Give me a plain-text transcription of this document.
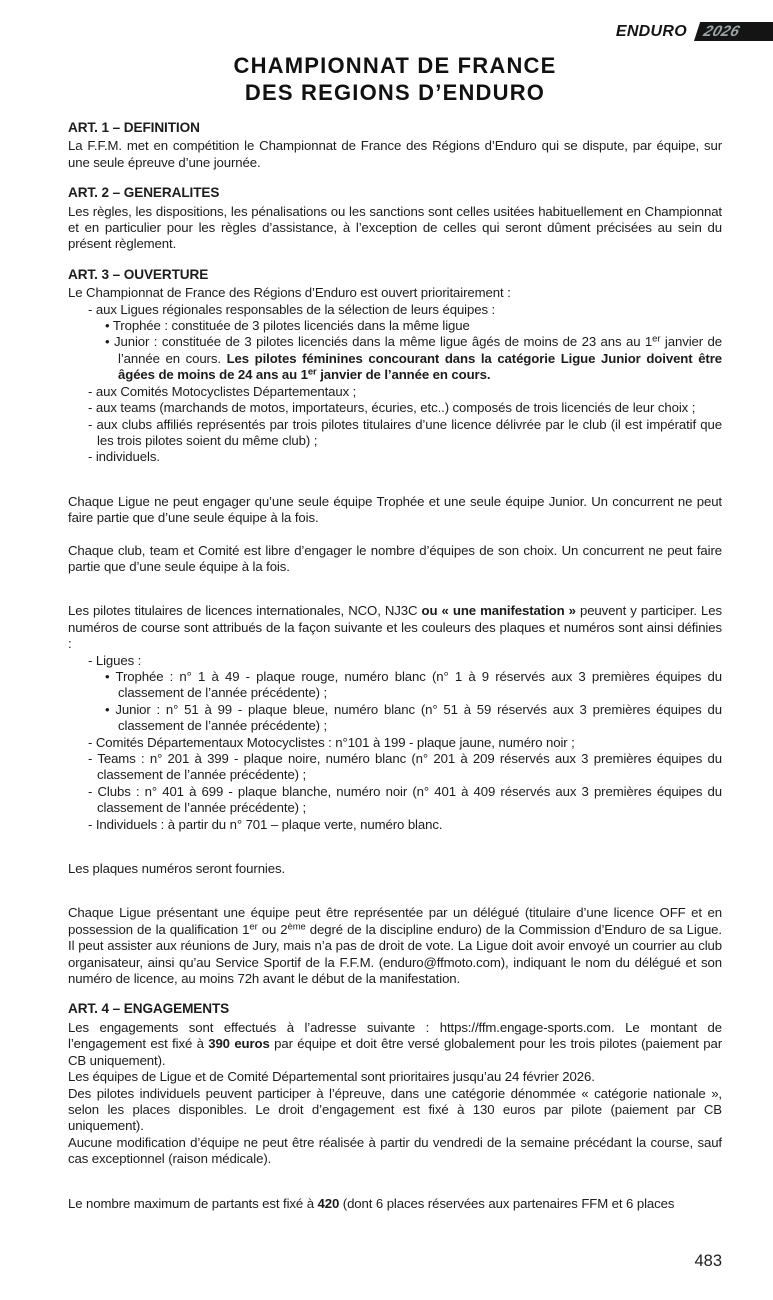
ENDURO 2026
CHAMPIONNAT DE FRANCE
DES REGIONS D’ENDURO
ART. 1 – DEFINITION
La F.F.M. met en compétition le Championnat de France des Régions d’Enduro qui se dispute, par équipe, sur une seule épreuve d’une journée.
ART. 2 – GENERALITES
Les règles, les dispositions, les pénalisations ou les sanctions sont celles usitées habituellement en Championnat et en particulier pour les règles d’assistance, à l’exception de celles qui seront dûment précisées au sein du présent règlement.
ART. 3 – OUVERTURE
Le Championnat de France des Régions d’Enduro est ouvert prioritairement :
- aux Ligues régionales responsables de la sélection de leurs équipes :
• Trophée : constituée de 3 pilotes licenciés dans la même ligue
• Junior : constituée de 3 pilotes licenciés dans la même ligue âgés de moins de 23 ans au 1er janvier de l’année en cours. Les pilotes féminines concourant dans la catégorie Ligue Junior doivent être âgées de moins de 24 ans au 1er janvier de l’année en cours.
- aux Comités Motocyclistes Départementaux ;
- aux teams (marchands de motos, importateurs, écuries, etc..) composés de trois licenciés de leur choix ;
- aux clubs affiliés représentés par trois pilotes titulaires d’une licence délivrée par le club (il est impératif que les trois pilotes soient du même club) ;
- individuels.
Chaque Ligue ne peut engager qu’une seule équipe Trophée et une seule équipe Junior. Un concurrent ne peut faire partie que d’une seule équipe à la fois.
Chaque club, team et Comité est libre d’engager le nombre d’équipes de son choix. Un concurrent ne peut faire partie que d’une seule équipe à la fois.
Les pilotes titulaires de licences internationales, NCO, NJ3C ou « une manifestation » peuvent y participer. Les numéros de course sont attribués de la façon suivante et les couleurs des plaques et numéros sont ainsi définies :
- Ligues :
• Trophée : n° 1 à 49 - plaque rouge, numéro blanc (n° 1 à 9 réservés aux 3 premières équipes du classement de l’année précédente) ;
• Junior : n° 51 à 99 - plaque bleue, numéro blanc (n° 51 à 59 réservés aux 3 premières équipes du classement de l’année précédente) ;
- Comités Départementaux Motocyclistes : n°101 à 199 - plaque jaune, numéro noir ;
- Teams : n° 201 à 399 - plaque noire, numéro blanc (n° 201 à 209 réservés aux 3 premières équipes du classement de l’année précédente) ;
- Clubs : n° 401 à 699 - plaque blanche, numéro noir (n° 401 à 409 réservés aux 3 premières équipes du classement de l’année précédente) ;
- Individuels : à partir du n° 701 – plaque verte, numéro blanc.
Les plaques numéros seront fournies.
Chaque Ligue présentant une équipe peut être représentée par un délégué (titulaire d’une licence OFF et en possession de la qualification 1er ou 2ème degré de la discipline enduro) de la Commission d’Enduro de sa Ligue. Il peut assister aux réunions de Jury, mais n’a pas de droit de vote. La Ligue doit avoir envoyé un courrier au club organisateur, ainsi qu’au Service Sportif de la F.F.M. (enduro@ffmoto.com), indiquant le nom du délégué et son numéro de licence, au moins 72h avant le début de la manifestation.
ART. 4 – ENGAGEMENTS
Les engagements sont effectués à l’adresse suivante : https://ffm.engage-sports.com. Le montant de l’engagement est fixé à 390 euros par équipe et doit être versé globalement pour les trois pilotes (paiement par CB uniquement).
Les équipes de Ligue et de Comité Départemental sont prioritaires jusqu’au 24 février 2026.
Des pilotes individuels peuvent participer à l’épreuve, dans une catégorie dénommée « catégorie nationale », selon les places disponibles. Le droit d’engagement est fixé à 130 euros par pilote (paiement par CB uniquement).
Aucune modification d’équipe ne peut être réalisée à partir du vendredi de la semaine précédant la course, sauf cas exceptionnel (raison médicale).
Le nombre maximum de partants est fixé à 420 (dont 6 places réservées aux partenaires FFM et 6 places
483
